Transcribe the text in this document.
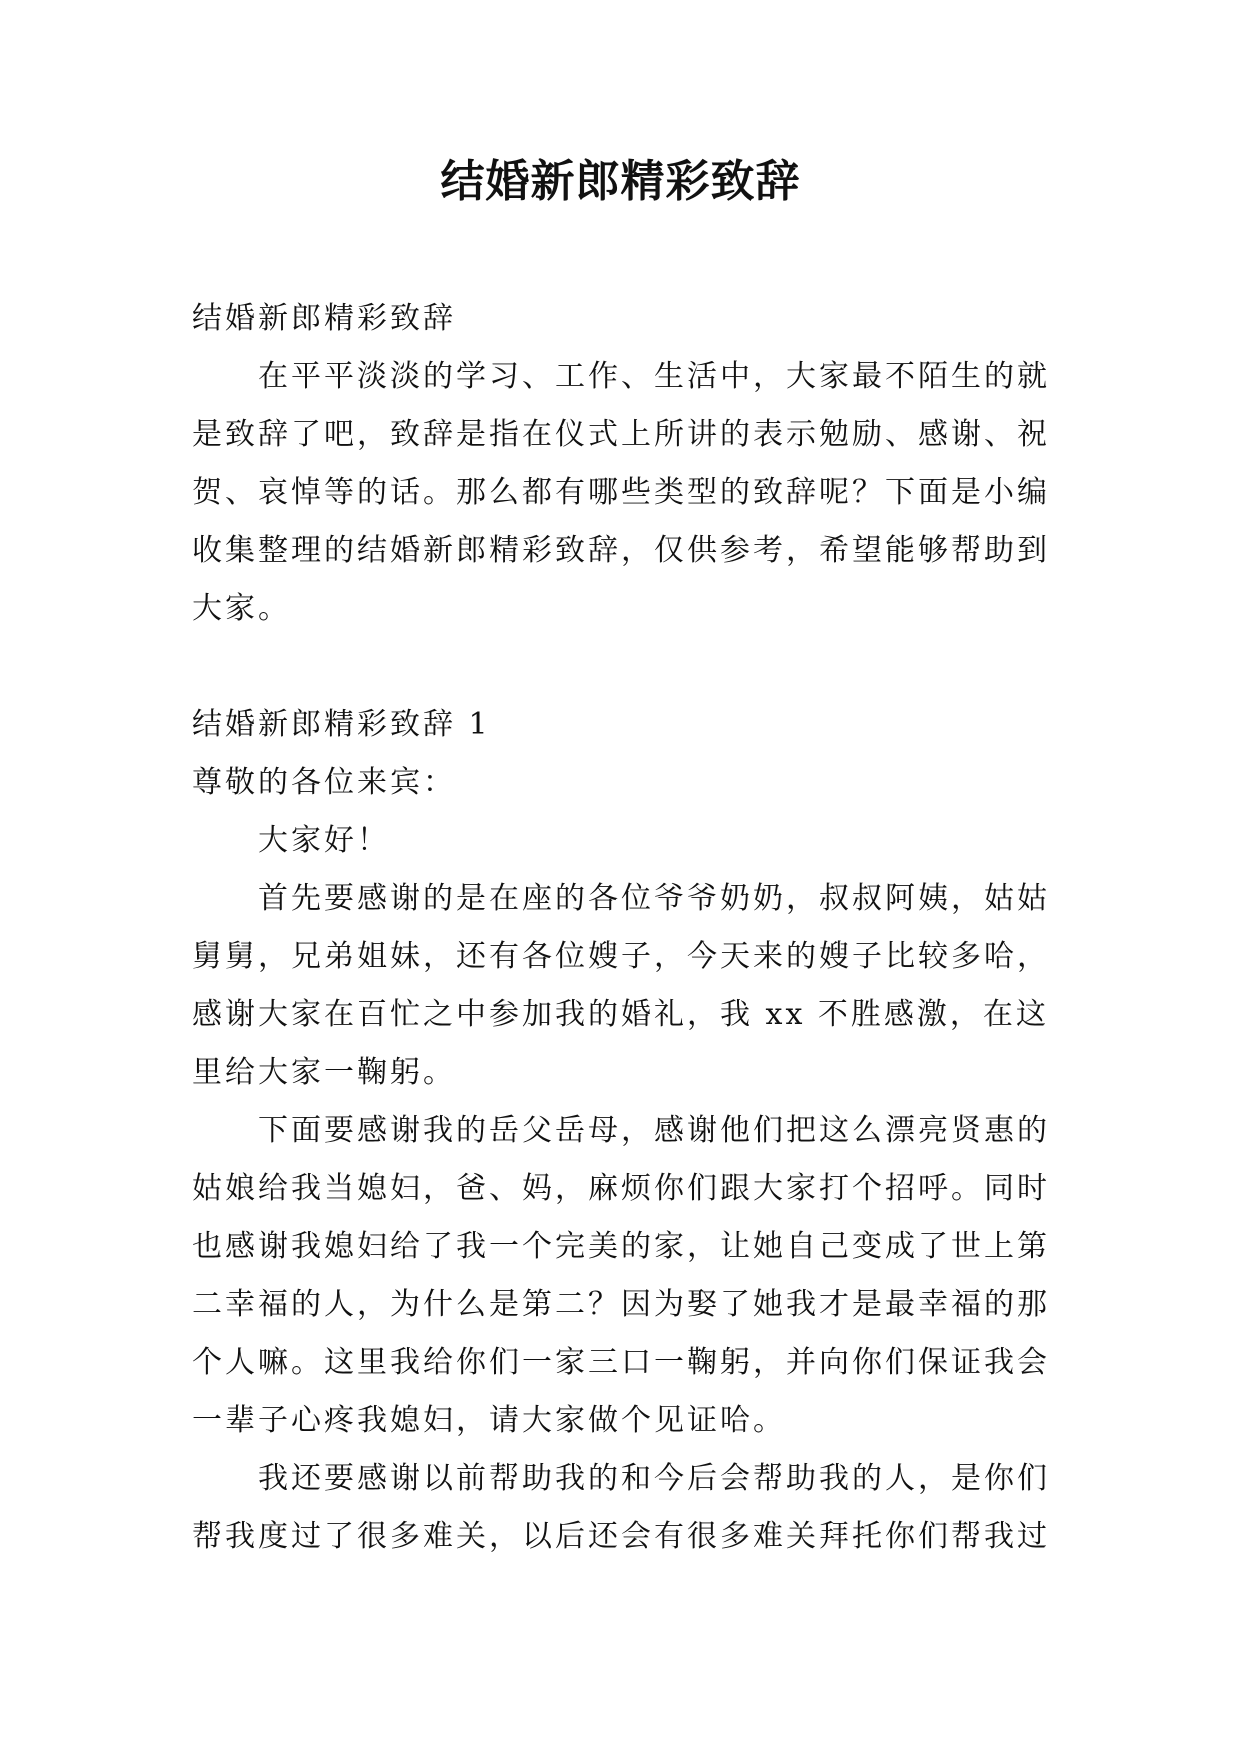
结婚新郎精彩致辞

结婚新郎精彩致辞

在平平淡淡的学习、工作、生活中，大家最不陌生的就是致辞了吧，致辞是指在仪式上所讲的表示勉励、感谢、祝贺、哀悼等的话。那么都有哪些类型的致辞呢？下面是小编收集整理的结婚新郎精彩致辞，仅供参考，希望能够帮助到大家。

结婚新郎精彩致辞 1

尊敬的各位来宾：

大家好！

首先要感谢的是在座的各位爷爷奶奶，叔叔阿姨，姑姑舅舅，兄弟姐妹，还有各位嫂子，今天来的嫂子比较多哈，感谢大家在百忙之中参加我的婚礼，我 xx 不胜感激，在这里给大家一鞠躬。

下面要感谢我的岳父岳母，感谢他们把这么漂亮贤惠的姑娘给我当媳妇，爸、妈，麻烦你们跟大家打个招呼。同时也感谢我媳妇给了我一个完美的家，让她自己变成了世上第二幸福的人，为什么是第二？因为娶了她我才是最幸福的那个人嘛。这里我给你们一家三口一鞠躬，并向你们保证我会一辈子心疼我媳妇，请大家做个见证哈。

我还要感谢以前帮助我的和今后会帮助我的人，是你们帮我度过了很多难关，以后还会有很多难关拜托你们帮我过
